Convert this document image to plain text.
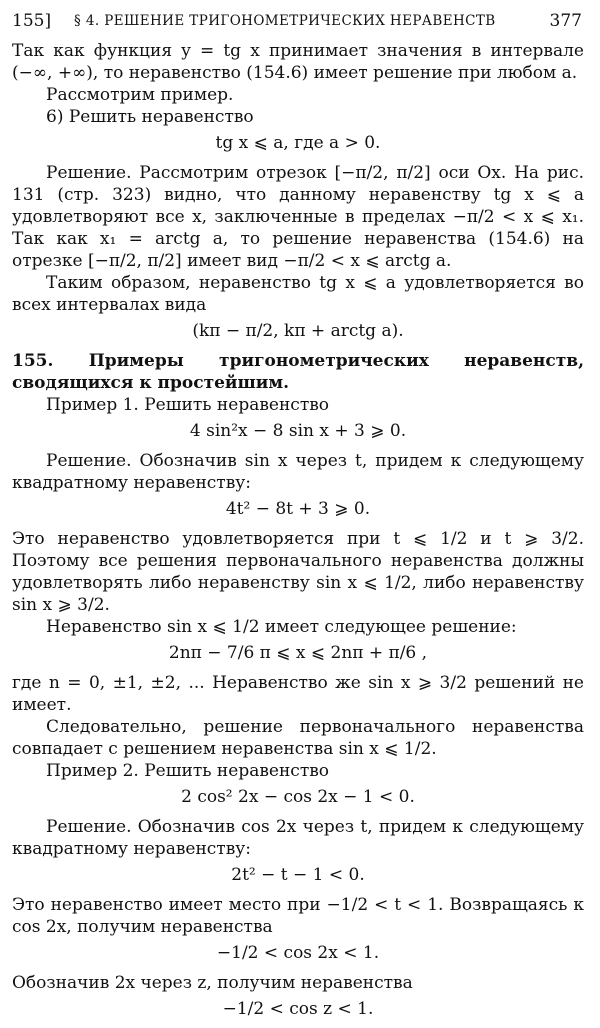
155] § 4. РЕШЕНИЕ ТРИГОНОМЕТРИЧЕСКИХ НЕРАВЕНСТВ	377

Так как функция y = tg x принимает значения в интервале (−∞, +∞), то неравенство (154.6) имеет решение при любом a.

Рассмотрим пример.

6) Решить неравенство

tg x ⩽ a, где a > 0.

Решение. Рассмотрим отрезок [−π/2, π/2] оси Ox. На рис. 131 (стр. 323) видно, что данному неравенству tg x ⩽ a удовлетворяют все x, заключенные в пределах −π/2 < x ⩽ x₁. Так как x₁ = arctg a, то решение неравенства (154.6) на отрезке [−π/2, π/2] имеет вид −π/2 < x ⩽ arctg a.

Таким образом, неравенство tg x ⩽ a удовлетворяется во всех интервалах вида

(kπ − π/2, kπ + arctg a).

155. Примеры тригонометрических неравенств, сводящихся к простейшим.

Пример 1. Решить неравенство

4 sin²x − 8 sin x + 3 ⩾ 0.

Решение. Обозначив sin x через t, придем к следующему квадратному неравенству:

4t² − 8t + 3 ⩾ 0.

Это неравенство удовлетворяется при t ⩽ 1/2 и t ⩾ 3/2. Поэтому все решения первоначального неравенства должны удовлетворять либо неравенству sin x ⩽ 1/2, либо неравенству sin x ⩾ 3/2.

Неравенство sin x ⩽ 1/2 имеет следующее решение:

2nπ − 7/6 π ⩽ x ⩽ 2nπ + π/6 ,

где n = 0, ±1, ±2, ... Неравенство же sin x ⩾ 3/2 решений не имеет.

Следовательно, решение первоначального неравенства совпадает с решением неравенства sin x ⩽ 1/2.

Пример 2. Решить неравенство

2 cos² 2x − cos 2x − 1 < 0.

Решение. Обозначив cos 2x через t, придем к следующему квадратному неравенству:

2t² − t − 1 < 0.

Это неравенство имеет место при −1/2 < t < 1. Возвращаясь к cos 2x, получим неравенства

−1/2 < cos 2x < 1.

Обозначив 2x через z, получим неравенства

−1/2 < cos z < 1.
